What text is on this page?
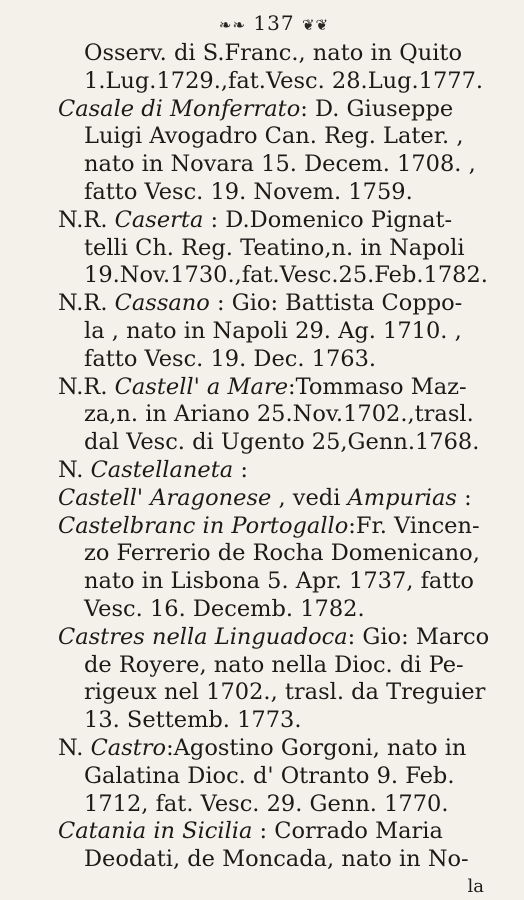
❧❧ 137 ❦❦
Osserv. di S.Franc., nato in Quito
1.Lug.1729.,fat.Vesc. 28.Lug.1777.
Casale di Monferrato: D. Giuseppe
Luigi Avogadro Can. Reg. Later. ,
nato in Novara 15. Decem. 1708. ,
fatto Vesc. 19. Novem. 1759.
N.R. Caserta : D.Domenico Pignat-
telli Ch. Reg. Teatino,n. in Napoli
19.Nov.1730.,fat.Vesc.25.Feb.1782.
N.R. Cassano : Gio: Battista Coppo-
la , nato in Napoli 29. Ag. 1710. ,
fatto Vesc. 19. Dec. 1763.
N.R. Castell' a Mare:Tommaso Maz-
za,n. in Ariano 25.Nov.1702.,trasl.
dal Vesc. di Ugento 25,Genn.1768.
N. Castellaneta :
Castell' Aragonese , vedi Ampurias :
Castelbranc in Portogallo:Fr. Vincen-
zo Ferrerio de Rocha Domenicano,
nato in Lisbona 5. Apr. 1737, fatto
Vesc. 16. Decemb. 1782.
Castres nella Linguadoca: Gio: Marco
de Royere, nato nella Dioc. di Pe-
rigeux nel 1702., trasl. da Treguier
13. Settemb. 1773.
N. Castro:Agostino Gorgoni, nato in
Galatina Dioc. d' Otranto 9. Feb.
1712, fat. Vesc. 29. Genn. 1770.
Catania in Sicilia : Corrado Maria
Deodati, de Moncada, nato in No-
la
